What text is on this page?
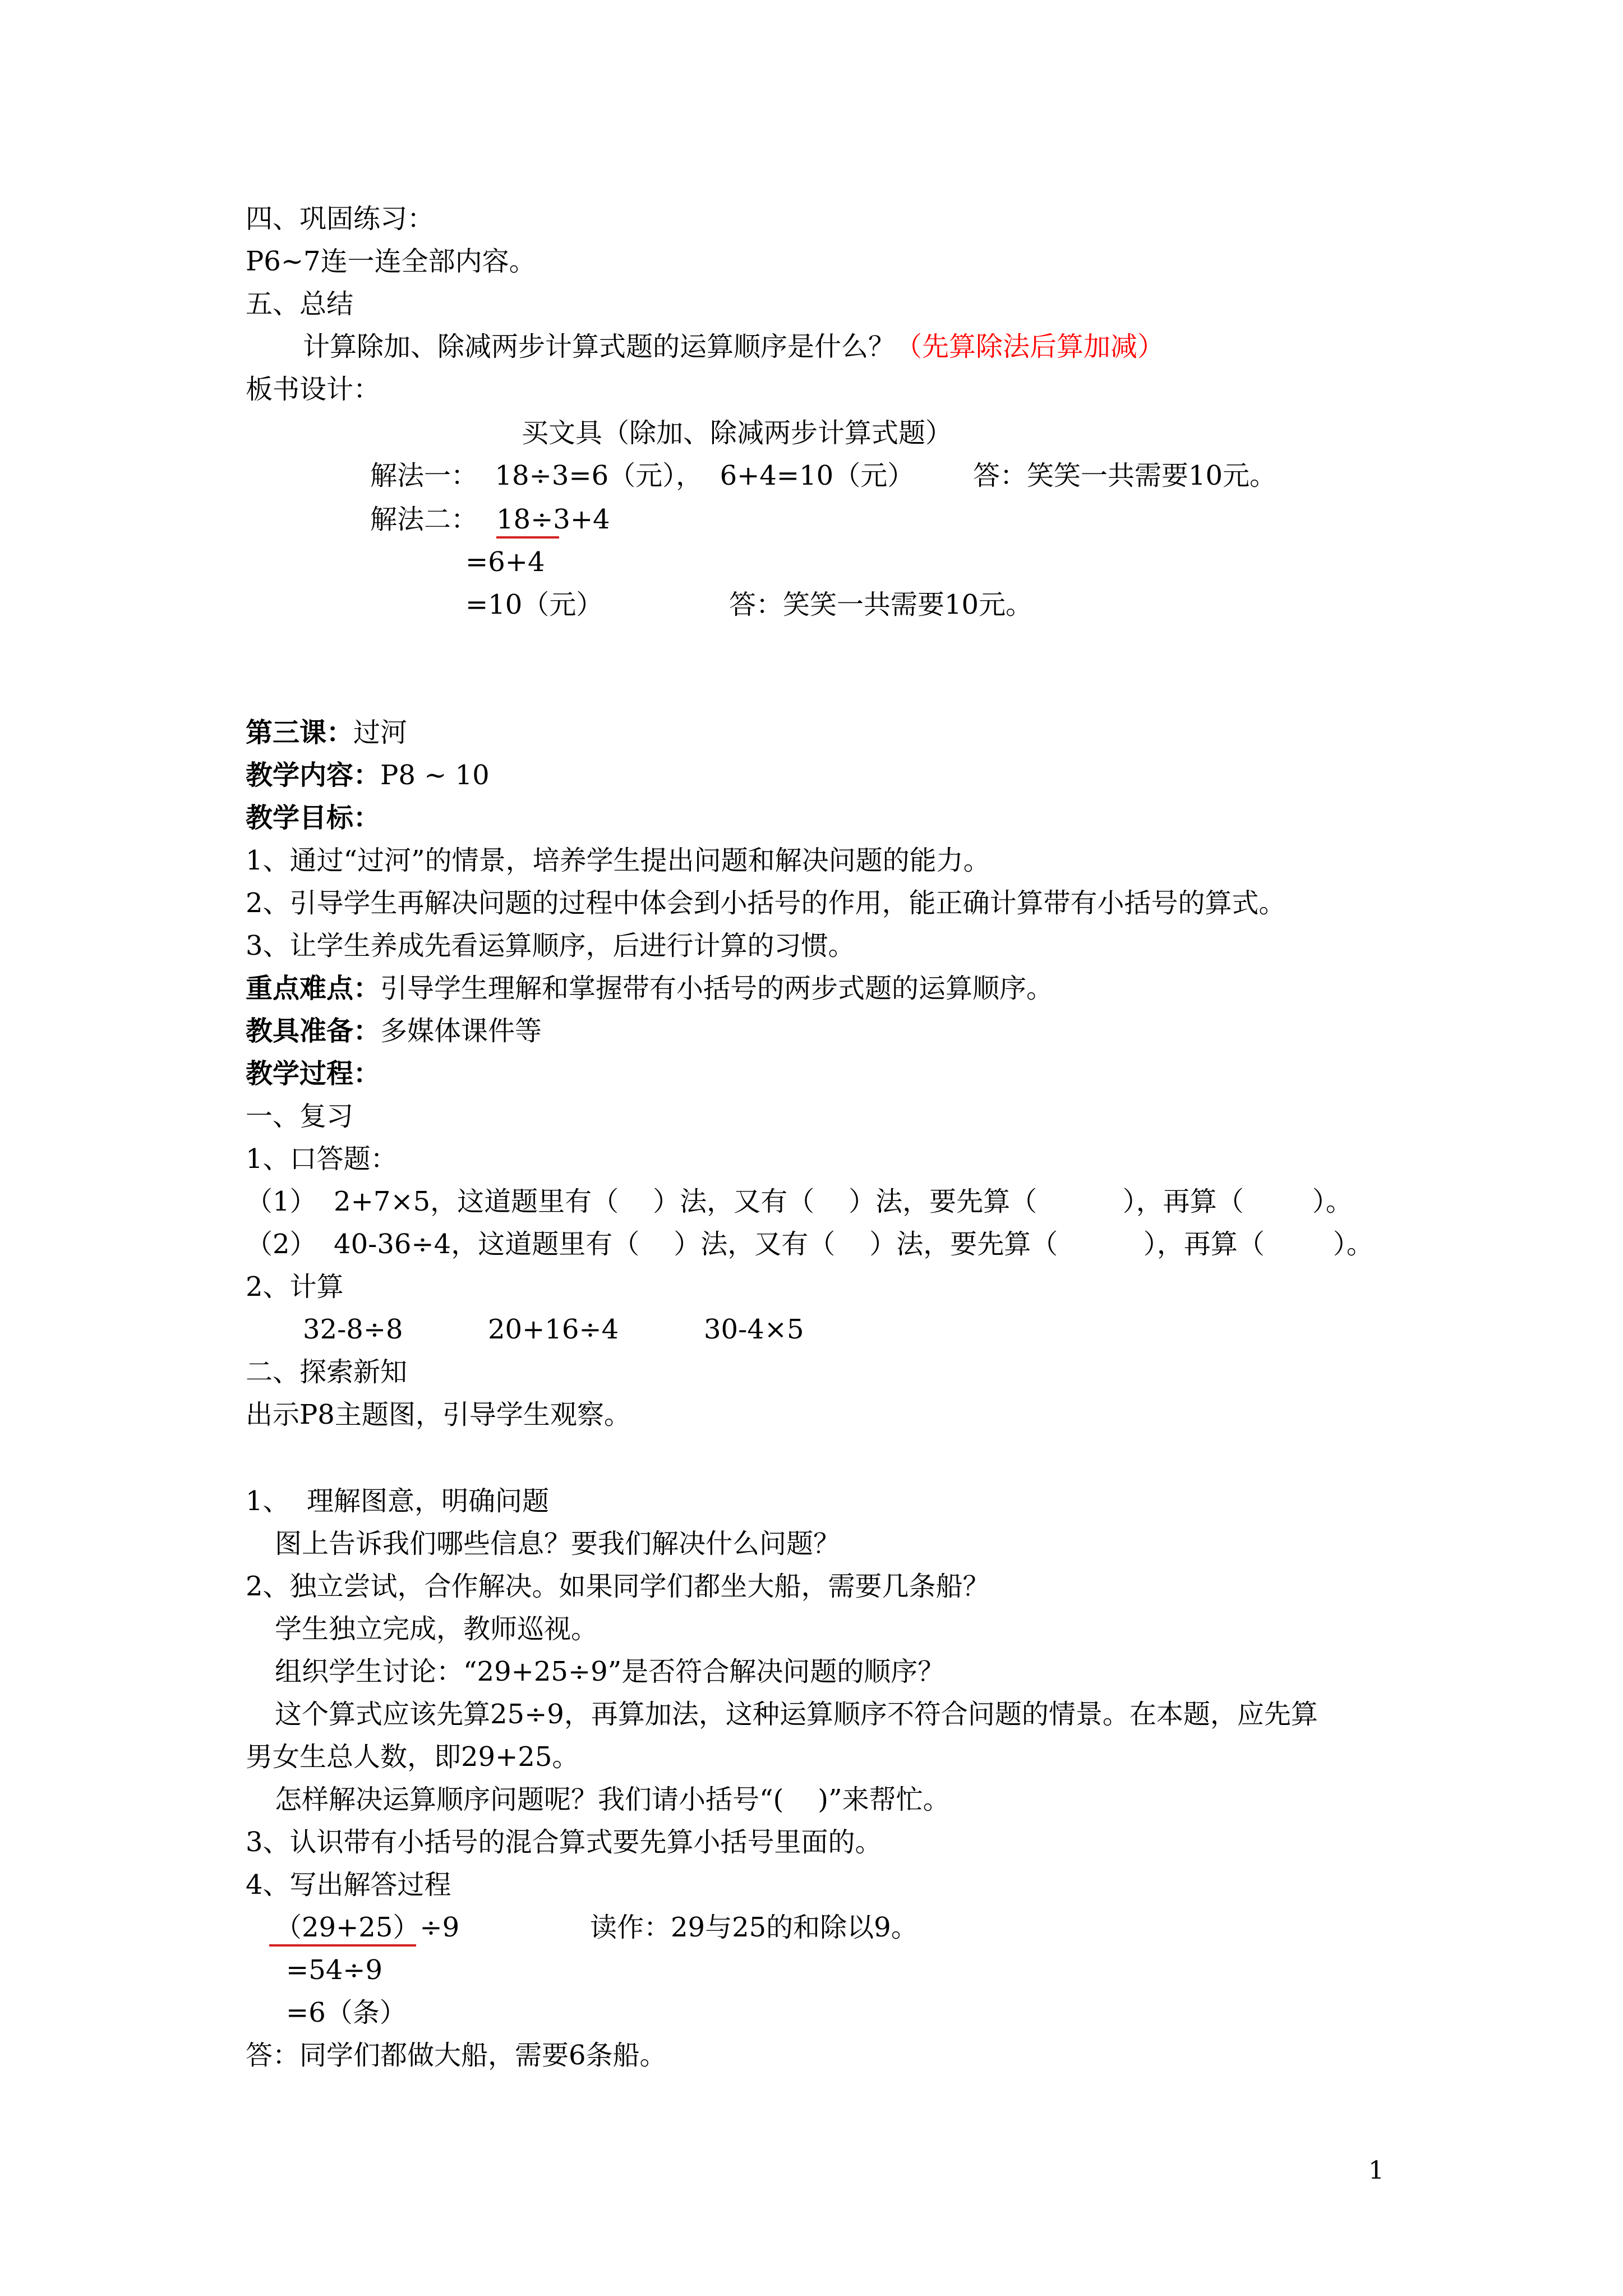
四、巩固练习：
P6~7连一连全部内容。
五、总结
计算除加、除减两步计算式题的运算顺序是什么？（先算除法后算加减）
板书设计：
买文具（除加、除减两步计算式题）
解法一：  18÷3=6（元），  6+4=10（元） 答：笑笑一共需要10元。
解法二： 18÷3+4
=6+4
=10（元）	答：笑笑一共需要10元。
第三课：过河
教学内容：P8 ~ 10
教学目标：
1、通过“过河”的情景，培养学生提出问题和解决问题的能力。
2、引导学生再解决问题的过程中体会到小括号的作用，能正确计算带有小括号的算式。
3、让学生养成先看运算顺序，后进行计算的习惯。
重点难点：引导学生理解和掌握带有小括号的两步式题的运算顺序。
教具准备：多媒体课件等
教学过程：
一、复习
1、口答题：
（1）  2+7×5，这道题里有（    ）法，又有（    ）法，要先算（          ），再算（        ）。
（2）  40-36÷4，这道题里有（    ）法，又有（    ）法，要先算（          ），再算（        ）。
2、计算
32-8÷8	20+16÷4	30-4×5
二、探索新知
出示P8主题图，引导学生观察。
1、  理解图意，明确问题
图上告诉我们哪些信息？要我们解决什么问题？
2、独立尝试，合作解决。如果同学们都坐大船，需要几条船？
学生独立完成，教师巡视。
组织学生讨论：“29+25÷9”是否符合解决问题的顺序？
这个算式应该先算25÷9，再算加法，这种运算顺序不符合问题的情景。在本题，应先算
男女生总人数，即29+25。
怎样解决运算顺序问题呢？我们请小括号“(    )”来帮忙。
3、认识带有小括号的混合算式要先算小括号里面的。
4、写出解答过程
（29+25）÷9	读作：29与25的和除以9。
=54÷9
=6（条）
答：同学们都做大船，需要6条船。
1
